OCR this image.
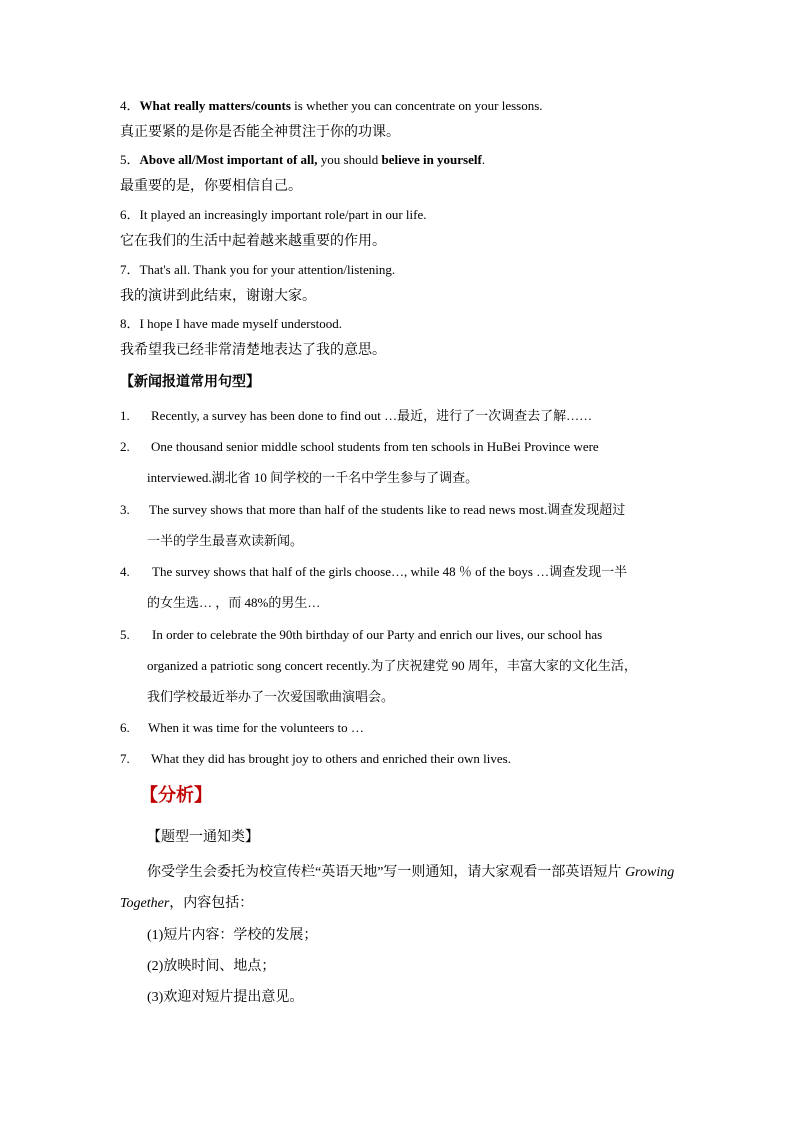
4．What really matters/counts is whether you can concentrate on your lessons.
真正要紧的是你是否能全神贯注于你的功课。
5．Above all/Most important of all, you should believe in yourself.
最重要的是，你要相信自己。
6．It played an increasingly important role/part in our life.
它在我们的生活中起着越来越重要的作用。
7．That's all. Thank you for your attention/listening.
我的演讲到此结束，谢谢大家。
8．I hope I have made myself understood.
我希望我已经非常清楚地表达了我的意思。
【新闻报道常用句型】
1. Recently, a survey has been done to find out …最近，进行了一次调查去了解……
2. One thousand senior middle school students from ten schools in HuBei Province were
interviewed.湖北省 10 间学校的一千名中学生参与了调查。
3. The survey shows that more than half of the students like to read news most.调查发现超过
一半的学生最喜欢读新闻。
4. The survey shows that half of the girls choose…, while 48 ％ of the boys …调查发现一半
的女生选… ，而 48%的男生…
5. In order to celebrate the 90th birthday of our Party and enrich our lives, our school has
organized a patriotic song concert recently.为了庆祝建党 90 周年，丰富大家的文化生活，
我们学校最近举办了一次爱国歌曲演唱会。
6. When it was time for the volunteers to …
7. What they did has brought joy to others and enriched their own lives.
【分析】
【题型一通知类】
你受学生会委托为校宣传栏“英语天地”写一则通知，请大家观看一部英语短片 Growing
Together，内容包括：
(1)短片内容：学校的发展；
(2)放映时间、地点；
(3)欢迎对短片提出意见。
